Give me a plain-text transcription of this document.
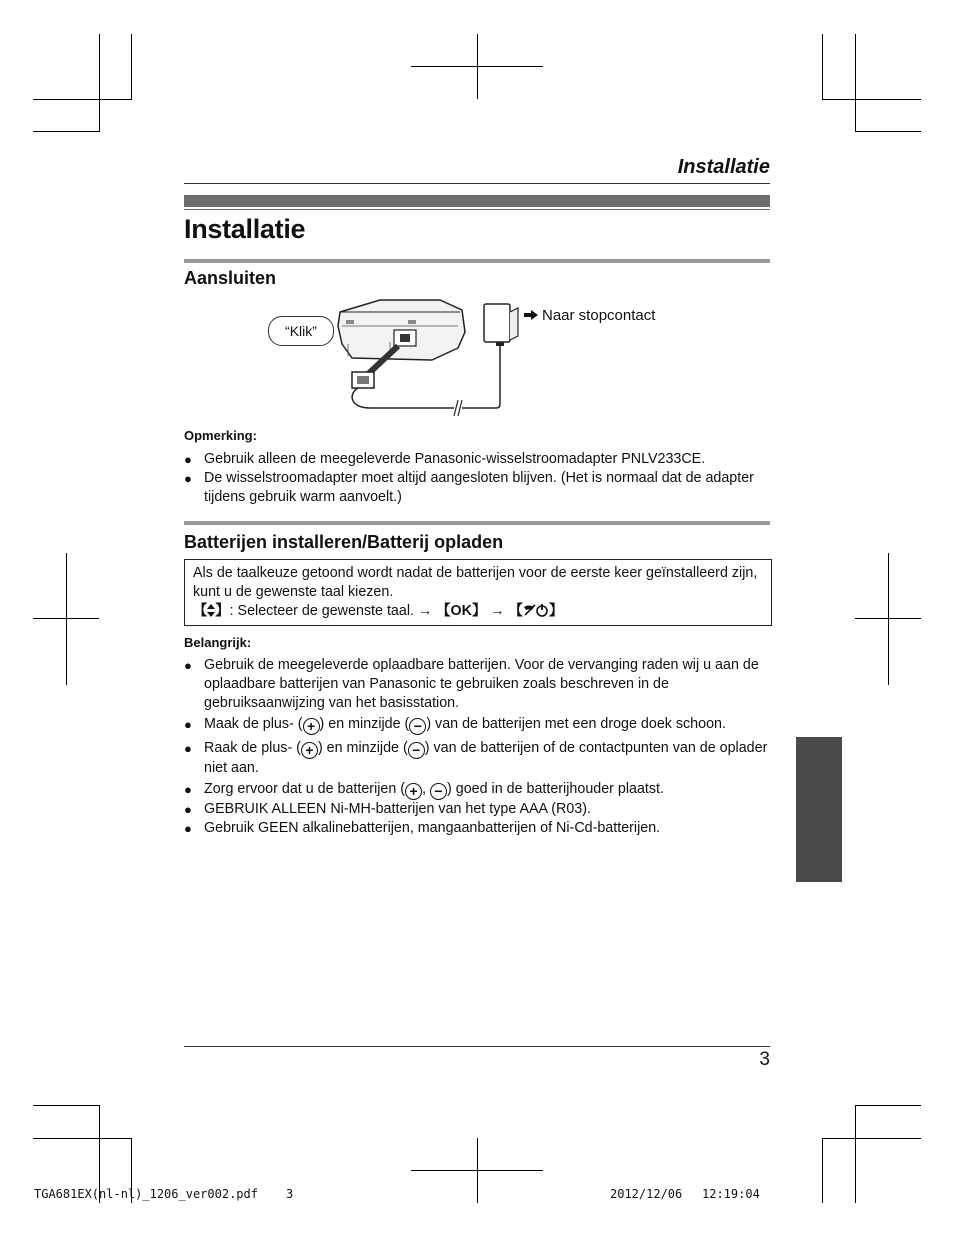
Installatie
Installatie
Aansluiten
“Klik”
Naar stopcontact
Opmerking:
● Gebruik alleen de meegeleverde Panasonic-wisselstroomadapter PNLV233CE.
● De wisselstroomadapter moet altijd aangesloten blijven. (Het is normaal dat de adapter tijdens gebruik warm aanvoelt.)
Batterijen installeren/Batterij opladen
Als de taalkeuze getoond wordt nadat de batterijen voor de eerste keer geïnstalleerd zijn, kunt u de gewenste taal kiezen.
【 】: Selecteer de gewenste taal. → 【OK】 → 【 】
Belangrijk:
● Gebruik de meegeleverde oplaadbare batterijen. Voor de vervanging raden wij u aan de oplaadbare batterijen van Panasonic te gebruiken zoals beschreven in de gebruiksaanwijzing van het basisstation.
● Maak de plus- ( + ) en minzijde ( − ) van de batterijen met een droge doek schoon.
● Raak de plus- ( + ) en minzijde ( − ) van de batterijen of de contactpunten van de oplader niet aan.
● Zorg ervoor dat u de batterijen ( + , − ) goed in de batterijhouder plaatst.
● GEBRUIK ALLEEN Ni-MH-batterijen van het type AAA (R03).
● Gebruik GEEN alkalinebatterijen, mangaanbatterijen of Ni-Cd-batterijen.
3
TGA681EX(nl-nl)_1206_ver002.pdf 3	2012/12/06 12:19:04
